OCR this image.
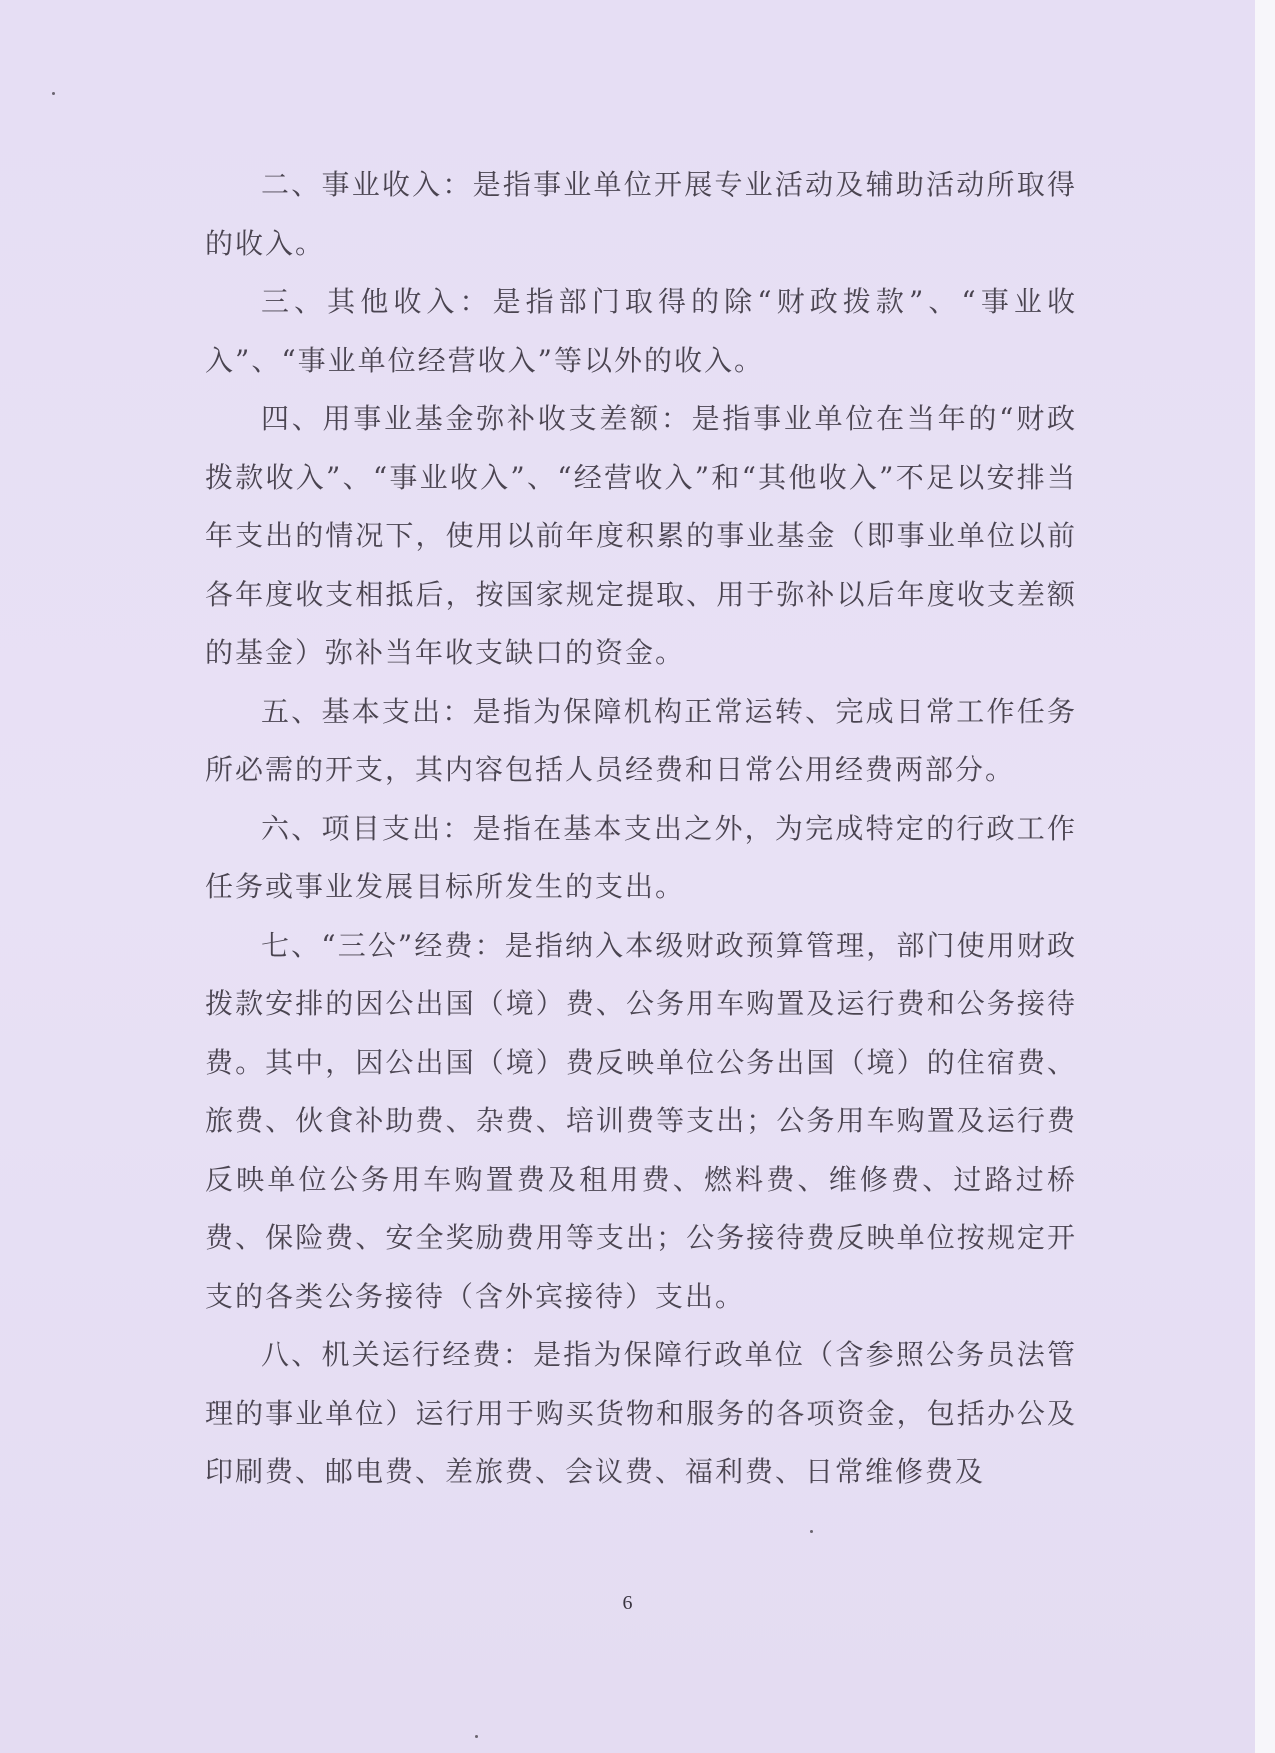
二、事业收入：是指事业单位开展专业活动及辅助活动所取得的收入。

三、其他收入：是指部门取得的除“财政拨款”、“事业收入”、“事业单位经营收入”等以外的收入。

四、用事业基金弥补收支差额：是指事业单位在当年的“财政拨款收入”、“事业收入”、“经营收入”和“其他收入”不足以安排当年支出的情况下，使用以前年度积累的事业基金（即事业单位以前各年度收支相抵后，按国家规定提取、用于弥补以后年度收支差额的基金）弥补当年收支缺口的资金。

五、基本支出：是指为保障机构正常运转、完成日常工作任务所必需的开支，其内容包括人员经费和日常公用经费两部分。

六、项目支出：是指在基本支出之外，为完成特定的行政工作任务或事业发展目标所发生的支出。

七、“三公”经费：是指纳入本级财政预算管理，部门使用财政拨款安排的因公出国（境）费、公务用车购置及运行费和公务接待费。其中，因公出国（境）费反映单位公务出国（境）的住宿费、旅费、伙食补助费、杂费、培训费等支出；公务用车购置及运行费反映单位公务用车购置费及租用费、燃料费、维修费、过路过桥费、保险费、安全奖励费用等支出；公务接待费反映单位按规定开支的各类公务接待（含外宾接待）支出。

八、机关运行经费：是指为保障行政单位（含参照公务员法管理的事业单位）运行用于购买货物和服务的各项资金，包括办公及印刷费、邮电费、差旅费、会议费、福利费、日常维修费及

6
